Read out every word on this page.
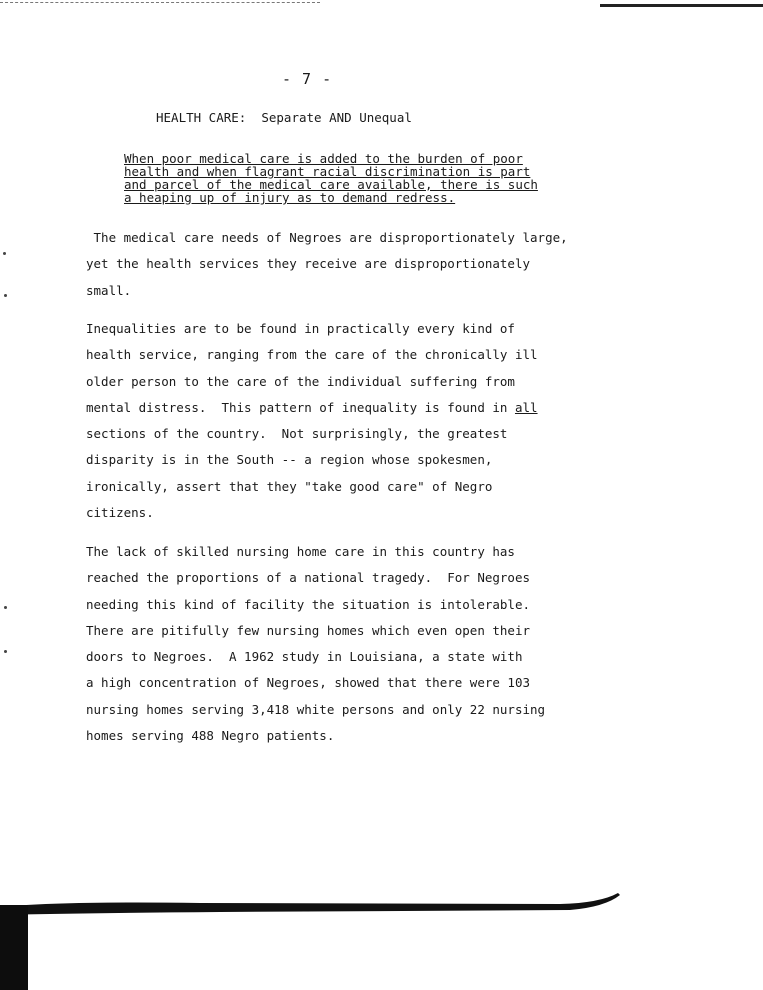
- 7 -
HEALTH CARE:  Separate AND Unequal
When poor medical care is added to the burden of poor
health and when flagrant racial discrimination is part
and parcel of the medical care available, there is such
a heaping up of injury as to demand redress.
The medical care needs of Negroes are disproportionately large,
yet the health services they receive are disproportionately
small.
Inequalities are to be found in practically every kind of
health service, ranging from the care of the chronically ill
older person to the care of the individual suffering from
mental distress.  This pattern of inequality is found in all
sections of the country.  Not surprisingly, the greatest
disparity is in the South -- a region whose spokesmen,
ironically, assert that they "take good care" of Negro
citizens.
The lack of skilled nursing home care in this country has
reached the proportions of a national tragedy.  For Negroes
needing this kind of facility the situation is intolerable.
There are pitifully few nursing homes which even open their
doors to Negroes.  A 1962 study in Louisiana, a state with
a high concentration of Negroes, showed that there were 103
nursing homes serving 3,418 white persons and only 22 nursing
homes serving 488 Negro patients.
